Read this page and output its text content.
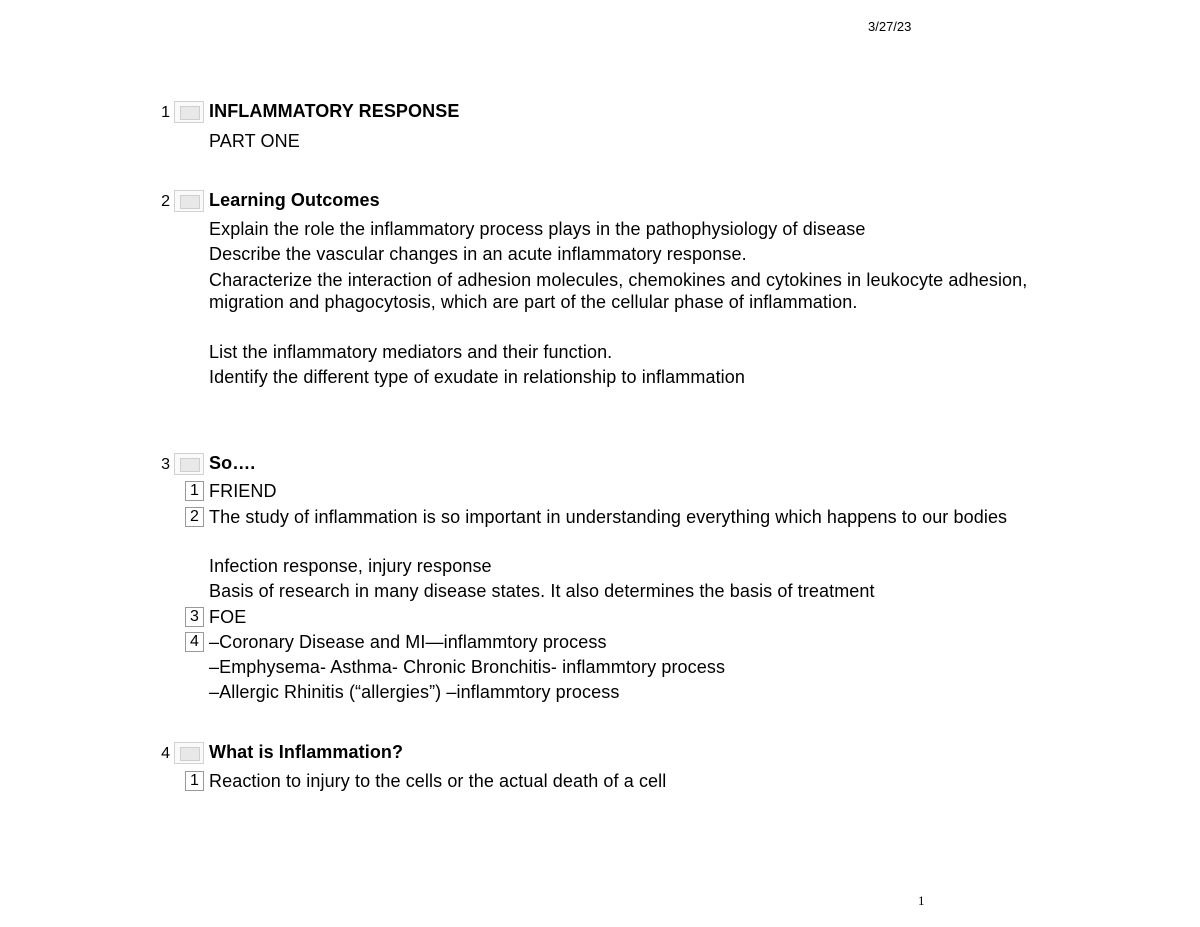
3/27/23
1 INFLAMMATORY RESPONSE
PART ONE
2 Learning Outcomes
Explain the role the inflammatory process plays in the pathophysiology of disease
Describe the vascular changes in an acute inflammatory response.
Characterize the interaction of adhesion molecules, chemokines and cytokines in leukocyte adhesion, migration and phagocytosis, which are part of the cellular phase of inflammation.
List the inflammatory mediators and their function.
Identify the different type of exudate in relationship to inflammation
3 So….
1 FRIEND
2 The study of inflammation is so important in understanding everything which happens to our bodies
Infection response, injury response
Basis of research in many disease states. It also determines the basis of treatment
3 FOE
4 –Coronary Disease and MI—inflammtory process
–Emphysema- Asthma- Chronic Bronchitis- inflammtory process
–Allergic Rhinitis (“allergies”) –inflammtory process
4 What is Inflammation?
1 Reaction to injury to the cells or the actual death of a cell
1
